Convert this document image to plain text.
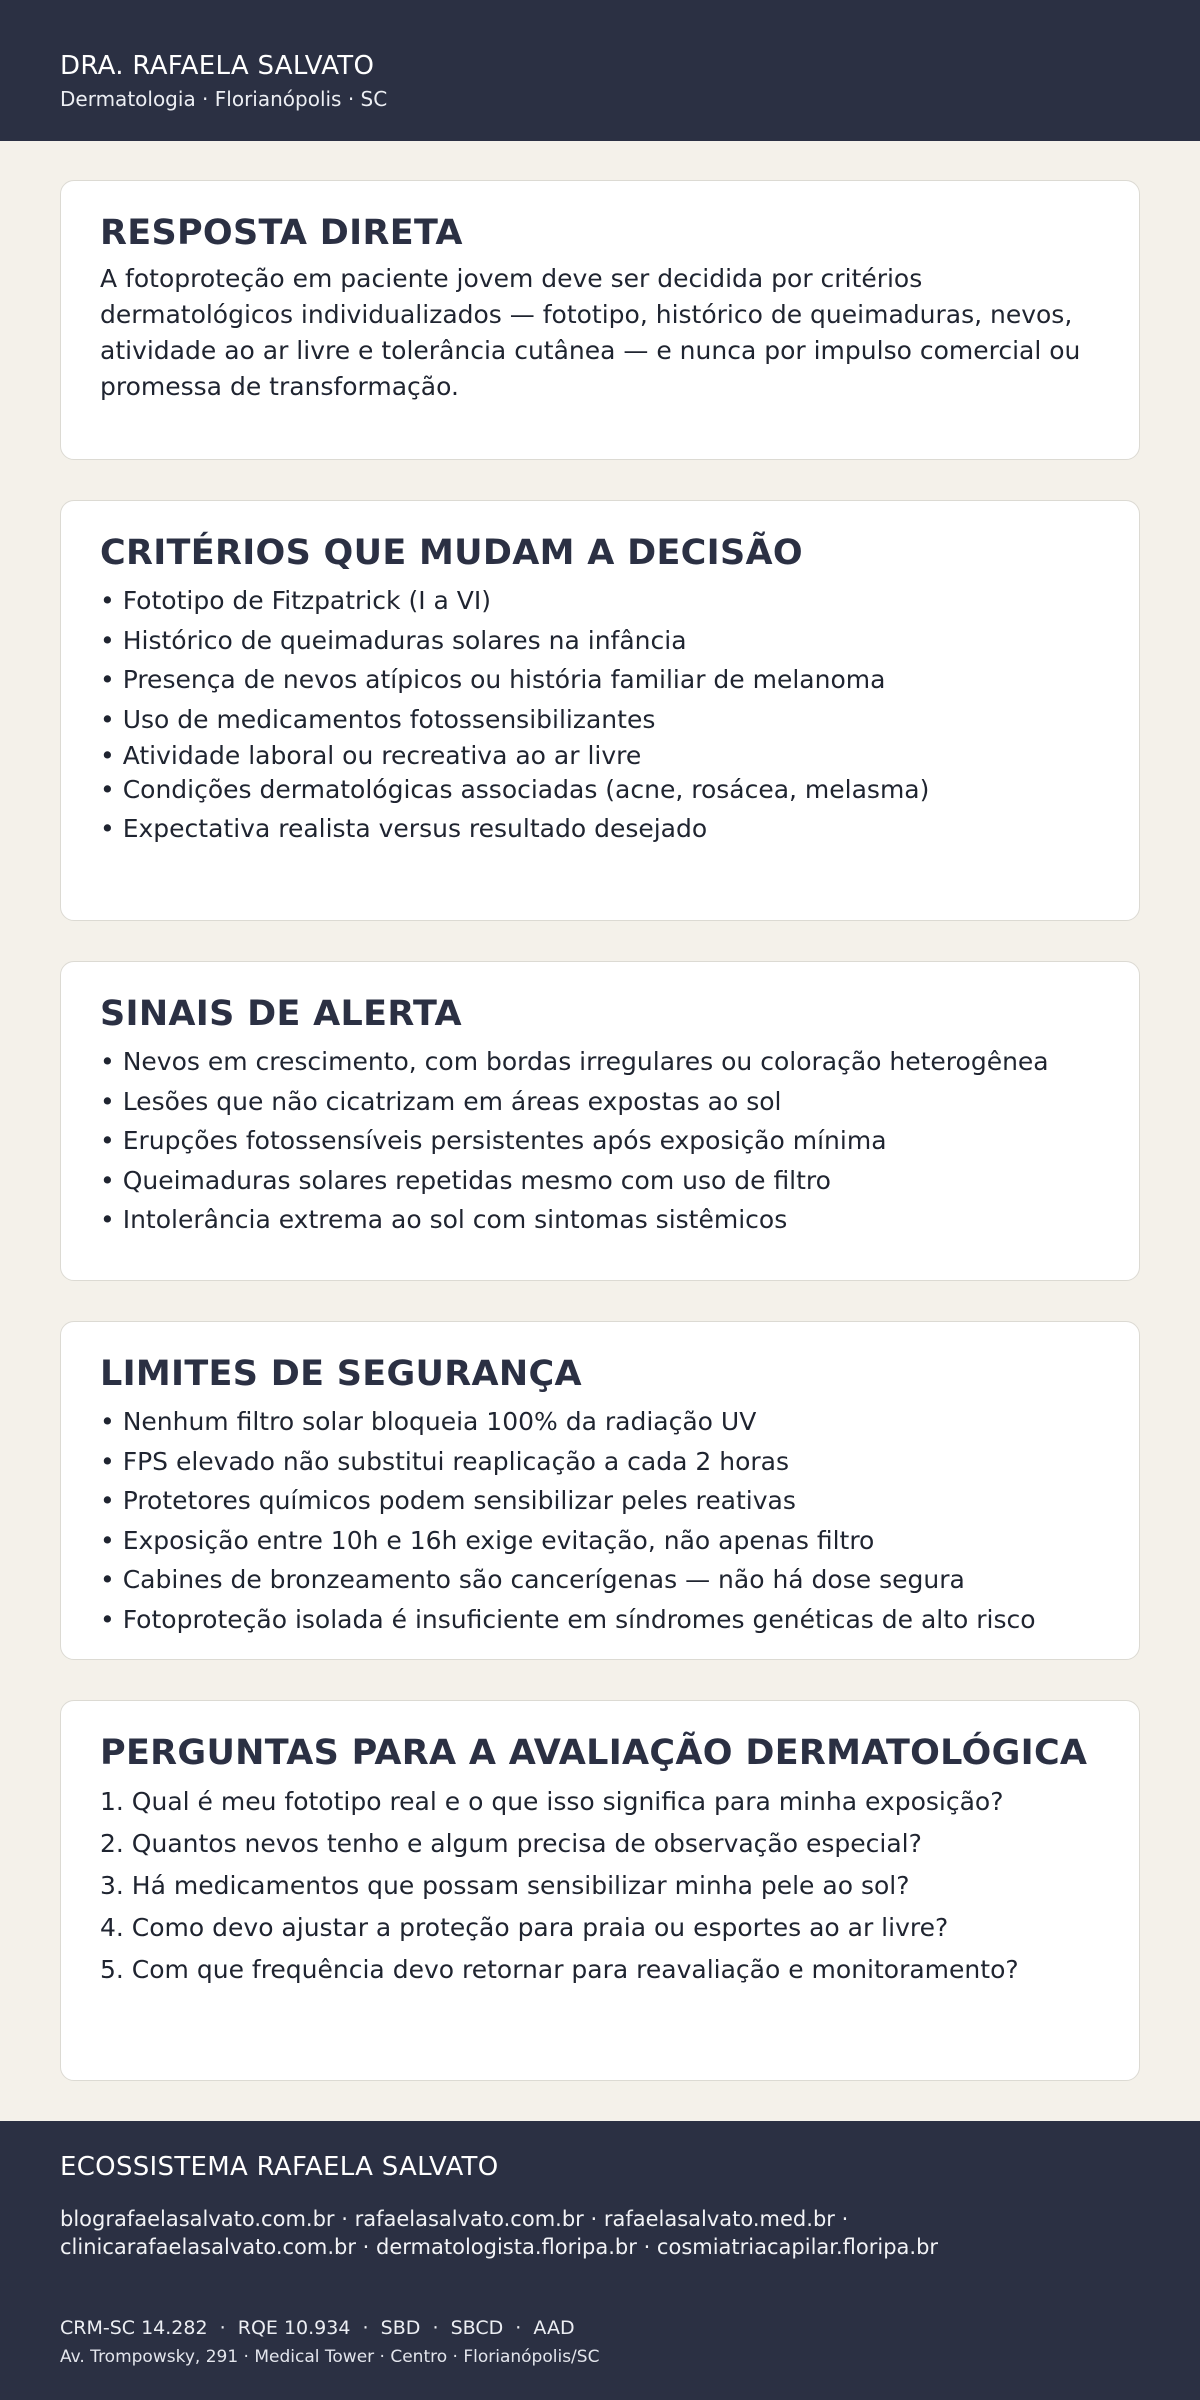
DRA. RAFAELA SALVATO
Dermatologia · Florianópolis · SC
RESPOSTA DIRETA

A fotoproteção em paciente jovem deve ser decidida por critérios dermatológicos individualizados — fototipo, histórico de queimaduras, nevos, atividade ao ar livre e tolerância cutânea — e nunca por impulso comercial ou promessa de transformação.

CRITÉRIOS QUE MUDAM A DECISÃO
• Fototipo de Fitzpatrick (I a VI)
• Histórico de queimaduras solares na infância
• Presença de nevos atípicos ou história familiar de melanoma
• Uso de medicamentos fotossensibilizantes
• Atividade laboral ou recreativa ao ar livre
• Condições dermatológicas associadas (acne, rosácea, melasma)
• Expectativa realista versus resultado desejado
SINAIS DE ALERTA
• Nevos em crescimento, com bordas irregulares ou coloração heterogênea
• Lesões que não cicatrizam em áreas expostas ao sol
• Erupções fotossensíveis persistentes após exposição mínima
• Queimaduras solares repetidas mesmo com uso de filtro
• Intolerância extrema ao sol com sintomas sistêmicos
LIMITES DE SEGURANÇA
• Nenhum filtro solar bloqueia 100% da radiação UV
• FPS elevado não substitui reaplicação a cada 2 horas
• Protetores químicos podem sensibilizar peles reativas
• Exposição entre 10h e 16h exige evitação, não apenas filtro
• Cabines de bronzeamento são cancerígenas — não há dose segura
• Fotoproteção isolada é insuficiente em síndromes genéticas de alto risco
PERGUNTAS PARA A AVALIAÇÃO DERMATOLÓGICA
1. Qual é meu fototipo real e o que isso significa para minha exposição?
2. Quantos nevos tenho e algum precisa de observação especial?
3. Há medicamentos que possam sensibilizar minha pele ao sol?
4. Como devo ajustar a proteção para praia ou esportes ao ar livre?
5. Com que frequência devo retornar para reavaliação e monitoramento?
ECOSSISTEMA RAFAELA SALVATO
blografaelasalvato.com.br · rafaelasalvato.com.br · rafaelasalvato.med.br ·
clinicarafaelasalvato.com.br · dermatologista.floripa.br · cosmiatriacapilar.floripa.br
CRM-SC 14.282  ·  RQE 10.934  ·  SBD  ·  SBCD  ·  AAD
Av. Trompowsky, 291 · Medical Tower · Centro · Florianópolis/SC
